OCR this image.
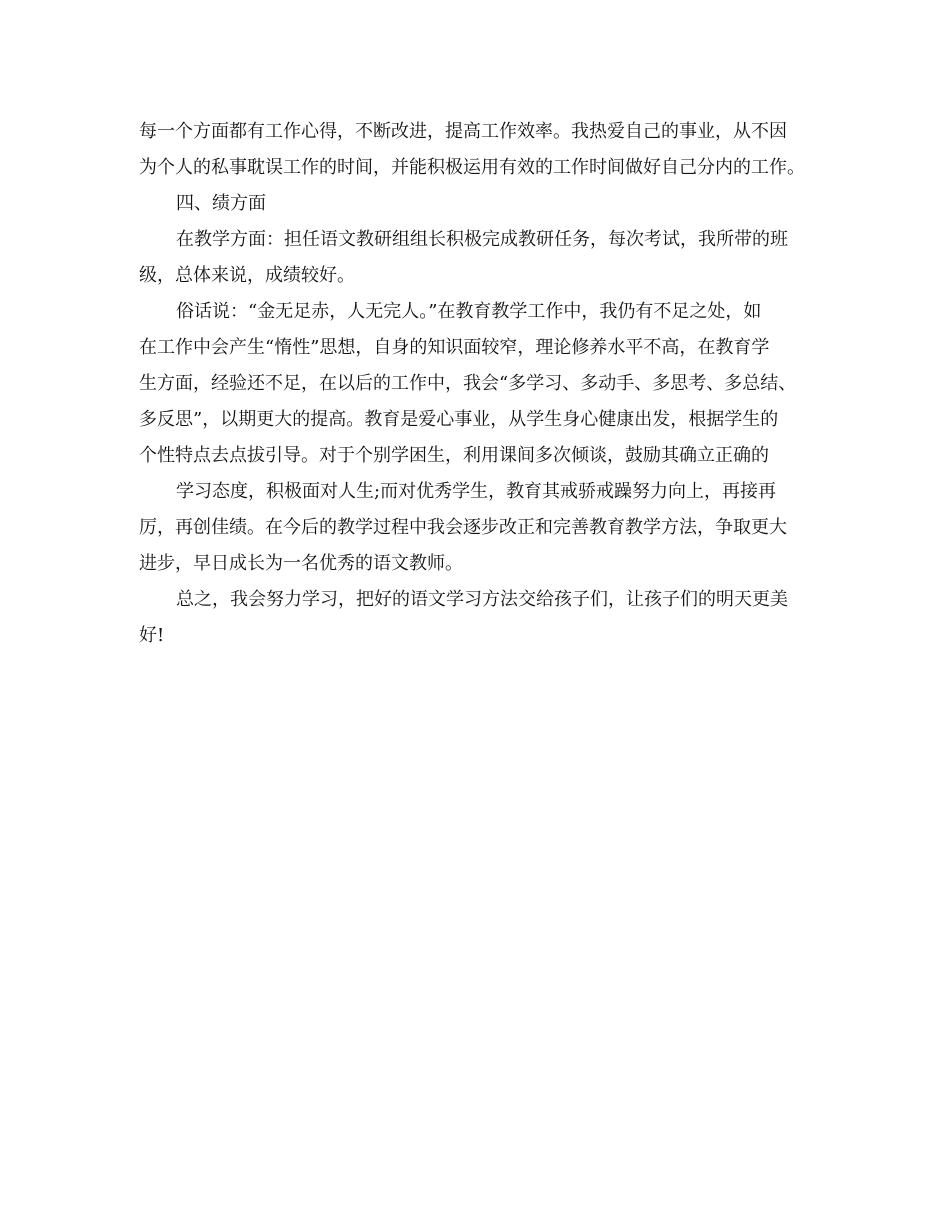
每一个方面都有工作心得，不断改进，提高工作效率。我热爱自己的事业，从不因
为个人的私事耽误工作的时间，并能积极运用有效的工作时间做好自己分内的工作。
四、绩方面
在教学方面：担任语文教研组组长积极完成教研任务，每次考试，我所带的班
级，总体来说，成绩较好。
俗话说：“金无足赤，人无完人。”在教育教学工作中，我仍有不足之处，如
在工作中会产生“惰性”思想，自身的知识面较窄，理论修养水平不高，在教育学
生方面，经验还不足，在以后的工作中，我会“多学习、多动手、多思考、多总结、
多反思”，以期更大的提高。教育是爱心事业，从学生身心健康出发，根据学生的
个性特点去点拔引导。对于个别学困生，利用课间多次倾谈，鼓励其确立正确的
学习态度，积极面对人生;而对优秀学生，教育其戒骄戒躁努力向上，再接再
厉，再创佳绩。在今后的教学过程中我会逐步改正和完善教育教学方法，争取更大
进步，早日成长为一名优秀的语文教师。
总之，我会努力学习，把好的语文学习方法交给孩子们，让孩子们的明天更美
好!
